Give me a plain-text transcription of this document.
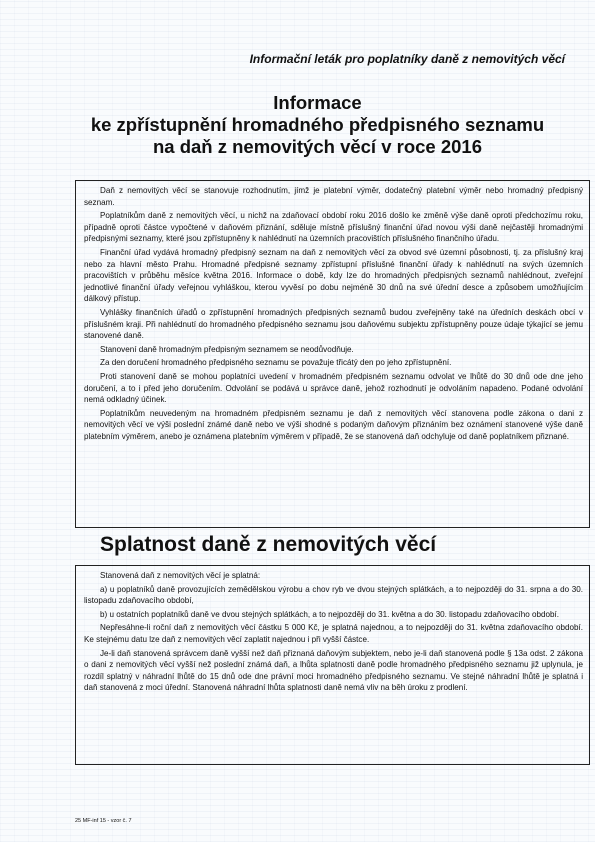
Informační leták pro poplatníky daně z nemovitých věcí
Informace
ke zpřístupnění hromadného předpisného seznamu
na daň z nemovitých věcí v roce 2016

Daň z nemovitých věcí se stanovuje rozhodnutím, jímž je platební výměr, dodatečný platební výměr nebo hromadný předpisný seznam.

Poplatníkům daně z nemovitých věcí, u nichž na zdaňovací období roku 2016 došlo ke změně výše daně oproti předchozímu roku, případně oproti částce vypočtené v daňovém přiznání, sděluje místně příslušný finanční úřad novou výši daně nejčastěji hromadnými předpisnými seznamy, které jsou zpřístupněny k nahlédnutí na územních pracovištích příslušného finančního úřadu.

Finanční úřad vydává hromadný předpisný seznam na daň z nemovitých věcí za obvod své územní působnosti, tj. za příslušný kraj nebo za hlavní město Prahu. Hromadné předpisné seznamy zpřístupní příslušné finanční úřady k nahlédnutí na svých územních pracovištích v průběhu měsíce května 2016. Informace o době, kdy lze do hromadných předpisných seznamů nahlédnout, zveřejní jednotlivé finanční úřady veřejnou vyhláškou, kterou vyvěsí po dobu nejméně 30 dnů na své úřední desce a způsobem umožňujícím dálkový přístup.

Vyhlášky finančních úřadů o zpřístupnění hromadných předpisných seznamů budou zveřejněny také na úředních deskách obcí v příslušném kraji. Při nahlédnutí do hromadného předpisného seznamu jsou daňovému subjektu zpřístupněny pouze údaje týkající se jemu stanovené daně.

Stanovení daně hromadným předpisným seznamem se neodůvodňuje.

Za den doručení hromadného předpisného seznamu se považuje třicátý den po jeho zpřístupnění.

Proti stanovení daně se mohou poplatníci uvedení v hromadném předpisném seznamu odvolat ve lhůtě do 30 dnů ode dne jeho doručení, a to i před jeho doručením. Odvolání se podává u správce daně, jehož rozhodnutí je odvoláním napadeno. Podané odvolání nemá odkladný účinek.

Poplatníkům neuvedeným na hromadném předpisném seznamu je daň z nemovitých věcí stanovena podle zákona o dani z nemovitých věcí ve výši poslední známé daně nebo ve výši shodné s podaným daňovým přiznáním bez oznámení stanovené výše daně platebním výměrem, anebo je oznámena platebním výměrem v případě, že se stanovená daň odchyluje od daně poplatníkem přiznané.

Splatnost daně z nemovitých věcí

Stanovená daň z nemovitých věcí je splatná:

a) u poplatníků daně provozujících zemědělskou výrobu a chov ryb ve dvou stejných splátkách, a to nejpozději do 31. srpna a do 30. listopadu zdaňovacího období,

b) u ostatních poplatníků daně ve dvou stejných splátkách, a to nejpozději do 31. května a do 30. listopadu zdaňovacího období.

Nepřesáhne-li roční daň z nemovitých věcí částku 5 000 Kč, je splatná najednou, a to nejpozději do 31. května zdaňovacího období. Ke stejnému datu lze daň z nemovitých věcí zaplatit najednou i při vyšší částce.

Je-li daň stanovená správcem daně vyšší než daň přiznaná daňovým subjektem, nebo je-li daň stanovená podle § 13a odst. 2 zákona o dani z nemovitých věcí vyšší než poslední známá daň, a lhůta splatnosti daně podle hromadného předpisného seznamu již uplynula, je rozdíl splatný v náhradní lhůtě do 15 dnů ode dne právní moci hromadného předpisného seznamu. Ve stejné náhradní lhůtě je splatná i daň stanovená z moci úřední. Stanovená náhradní lhůta splatnosti daně nemá vliv na běh úroku z prodlení.

25 MF-inf 15 - vzor č. 7
